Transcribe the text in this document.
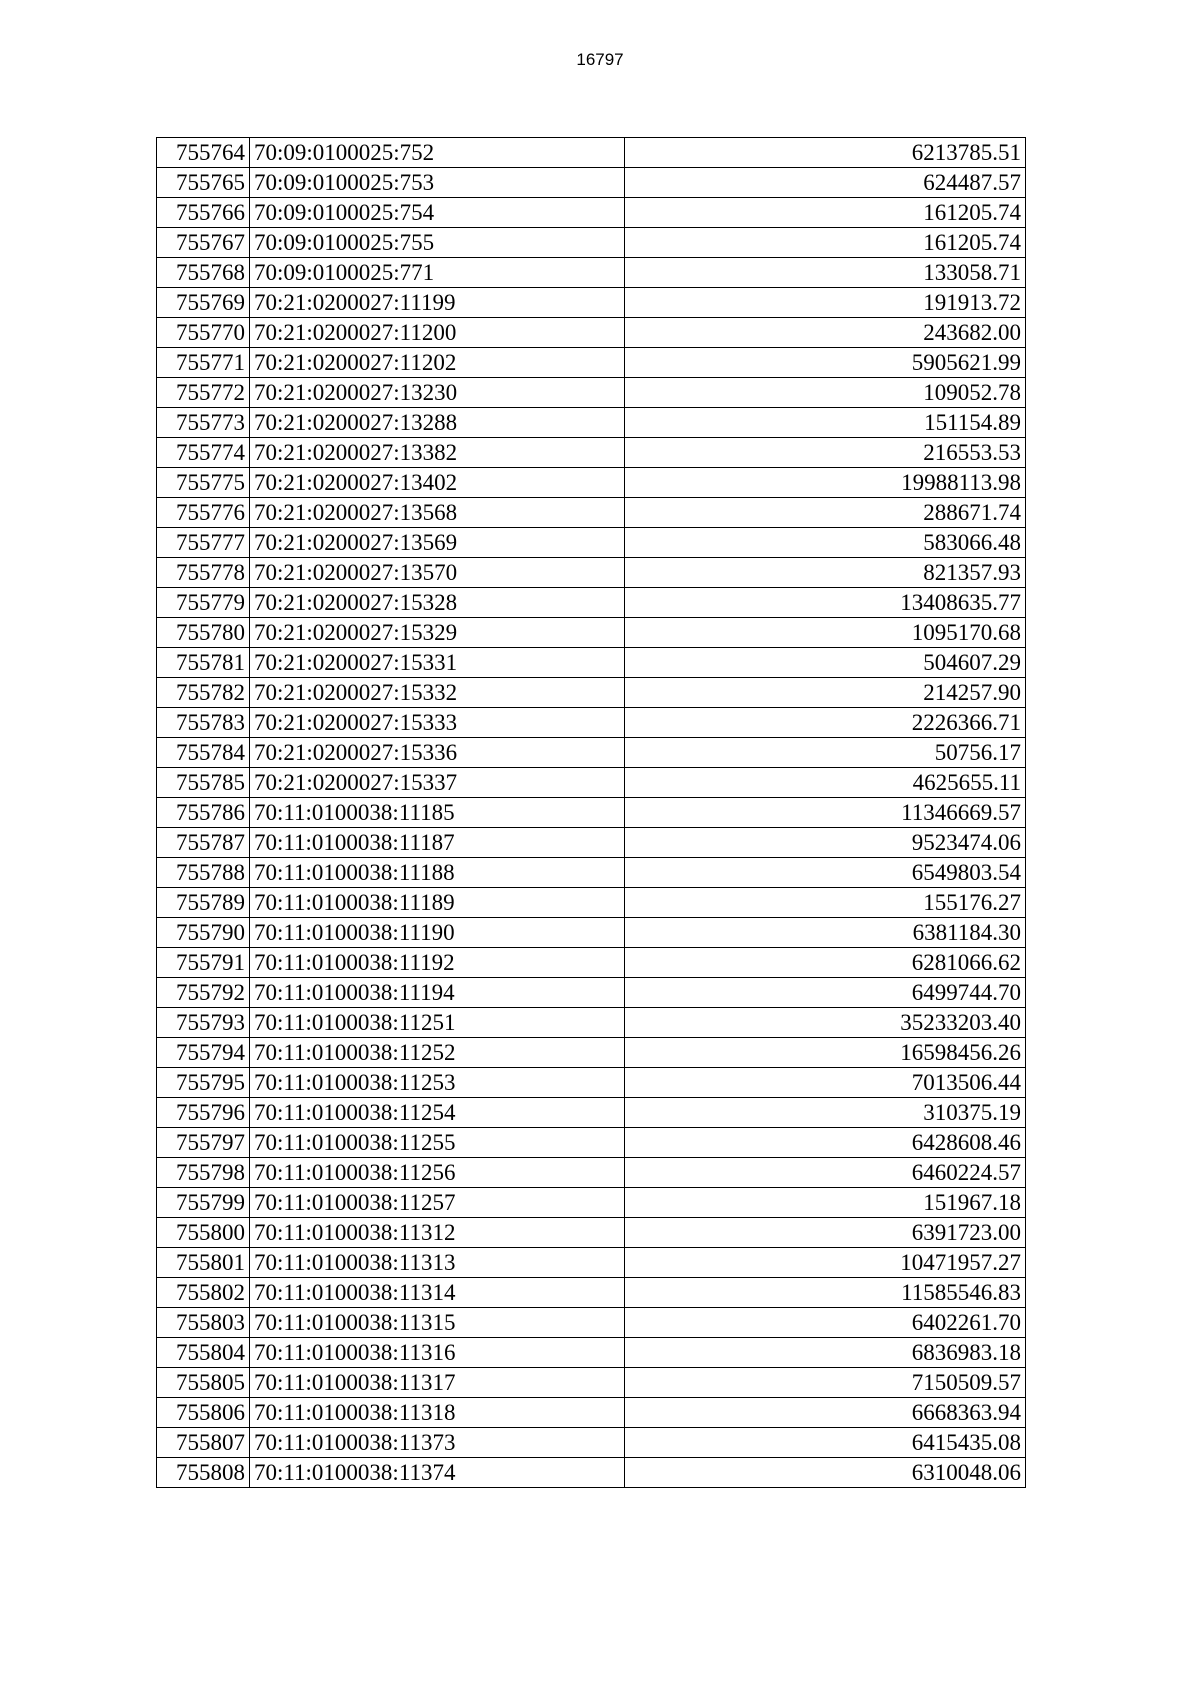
16797
755764	70:09:0100025:752	6213785.51
755765	70:09:0100025:753	624487.57
755766	70:09:0100025:754	161205.74
755767	70:09:0100025:755	161205.74
755768	70:09:0100025:771	133058.71
755769	70:21:0200027:11199	191913.72
755770	70:21:0200027:11200	243682.00
755771	70:21:0200027:11202	5905621.99
755772	70:21:0200027:13230	109052.78
755773	70:21:0200027:13288	151154.89
755774	70:21:0200027:13382	216553.53
755775	70:21:0200027:13402	19988113.98
755776	70:21:0200027:13568	288671.74
755777	70:21:0200027:13569	583066.48
755778	70:21:0200027:13570	821357.93
755779	70:21:0200027:15328	13408635.77
755780	70:21:0200027:15329	1095170.68
755781	70:21:0200027:15331	504607.29
755782	70:21:0200027:15332	214257.90
755783	70:21:0200027:15333	2226366.71
755784	70:21:0200027:15336	50756.17
755785	70:21:0200027:15337	4625655.11
755786	70:11:0100038:11185	11346669.57
755787	70:11:0100038:11187	9523474.06
755788	70:11:0100038:11188	6549803.54
755789	70:11:0100038:11189	155176.27
755790	70:11:0100038:11190	6381184.30
755791	70:11:0100038:11192	6281066.62
755792	70:11:0100038:11194	6499744.70
755793	70:11:0100038:11251	35233203.40
755794	70:11:0100038:11252	16598456.26
755795	70:11:0100038:11253	7013506.44
755796	70:11:0100038:11254	310375.19
755797	70:11:0100038:11255	6428608.46
755798	70:11:0100038:11256	6460224.57
755799	70:11:0100038:11257	151967.18
755800	70:11:0100038:11312	6391723.00
755801	70:11:0100038:11313	10471957.27
755802	70:11:0100038:11314	11585546.83
755803	70:11:0100038:11315	6402261.70
755804	70:11:0100038:11316	6836983.18
755805	70:11:0100038:11317	7150509.57
755806	70:11:0100038:11318	6668363.94
755807	70:11:0100038:11373	6415435.08
755808	70:11:0100038:11374	6310048.06
